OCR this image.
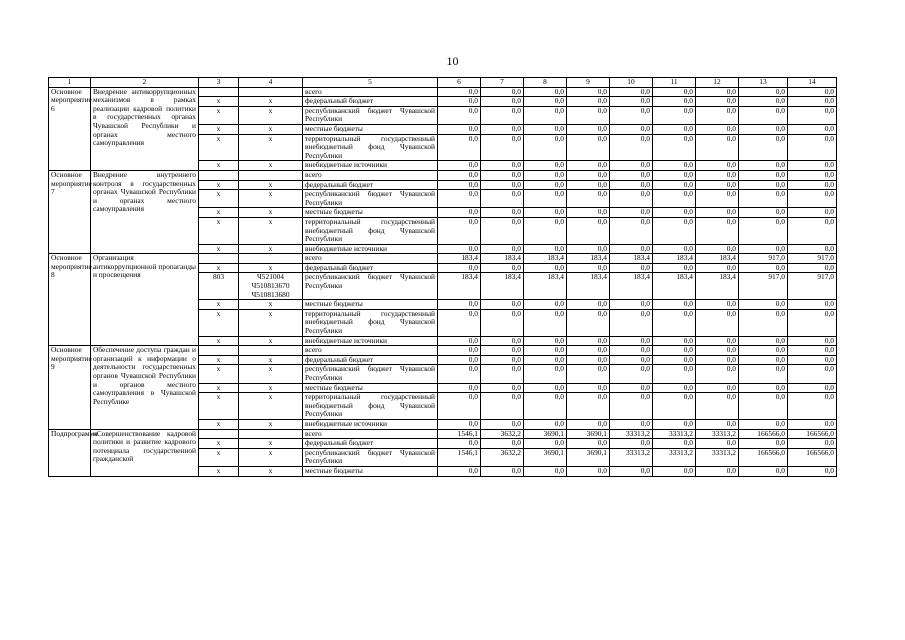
10
1	2	3	4	5	6	7	8	9	10	11	12	13	14
Основное мероприятие 6	Внедрение антикоррупционных механизмов в рамках реализации кадровой политики в государственных органах Чувашской Республики и органах местного самоуправления			всего	0,0	0,0	0,0	0,0	0,0	0,0	0,0	0,0	0,0
		х	х	федеральный бюджет	0,0	0,0	0,0	0,0	0,0	0,0	0,0	0,0	0,0
		х	х	республиканский бюджет Чувашской Республики	0,0	0,0	0,0	0,0	0,0	0,0	0,0	0,0	0,0
		х	х	местные бюджеты	0,0	0,0	0,0	0,0	0,0	0,0	0,0	0,0	0,0
		х	х	территориальный государственный внебюджетный фонд Чувашской Республики	0,0	0,0	0,0	0,0	0,0	0,0	0,0	0,0	0,0
		х	х	внебюджетные источники	0,0	0,0	0,0	0,0	0,0	0,0	0,0	0,0	0,0
Основное мероприятие 7	Внедрение внутреннего контроля в государственных органах Чувашской Республики и органах местного самоуправления			всего	0,0	0,0	0,0	0,0	0,0	0,0	0,0	0,0	0,0
		х	х	федеральный бюджет	0,0	0,0	0,0	0,0	0,0	0,0	0,0	0,0	0,0
		х	х	республиканский бюджет Чувашской Республики	0,0	0,0	0,0	0,0	0,0	0,0	0,0	0,0	0,0
		х	х	местные бюджеты	0,0	0,0	0,0	0,0	0,0	0,0	0,0	0,0	0,0
		х	х	территориальный государственный внебюджетный фонд Чувашской Республики	0,0	0,0	0,0	0,0	0,0	0,0	0,0	0,0	0,0
		х	х	внебюджетные источники	0,0	0,0	0,0	0,0	0,0	0,0	0,0	0,0	0,0
Основное мероприятие 8	Организация антикоррупционной пропаганды и просвещения			всего	183,4	183,4	183,4	183,4	183,4	183,4	183,4	917,0	917,0
		х	х	федеральный бюджет	0,0	0,0	0,0	0,0	0,0	0,0	0,0	0,0	0,0
		803	Ч521004
Ч510813670
Ч510813680	республиканский бюджет Чувашской Республики	183,4	183,4	183,4	183,4	183,4	183,4	183,4	917,0	917,0
		х	х	местные бюджеты	0,0	0,0	0,0	0,0	0,0	0,0	0,0	0,0	0,0
		х	х	территориальный государственный внебюджетный фонд Чувашской Республики	0,0	0,0	0,0	0,0	0,0	0,0	0,0	0,0	0,0
		х	х	внебюджетные источники	0,0	0,0	0,0	0,0	0,0	0,0	0,0	0,0	0,0
Основное мероприятие 9	Обеспечение доступа граждан и организаций к информации о деятельности государственных органов Чувашской Республики и органов местного самоуправления в Чувашской Республике			всего	0,0	0,0	0,0	0,0	0,0	0,0	0,0	0,0	0,0
		х	х	федеральный бюджет	0,0	0,0	0,0	0,0	0,0	0,0	0,0	0,0	0,0
		х	х	республиканский бюджет Чувашской Республики	0,0	0,0	0,0	0,0	0,0	0,0	0,0	0,0	0,0
		х	х	местные бюджеты	0,0	0,0	0,0	0,0	0,0	0,0	0,0	0,0	0,0
		х	х	территориальный государственный внебюджетный фонд Чувашской Республики	0,0	0,0	0,0	0,0	0,0	0,0	0,0	0,0	0,0
		х	х	внебюджетные источники	0,0	0,0	0,0	0,0	0,0	0,0	0,0	0,0	0,0
Подпрограмма	«Совершенствование кадровой политики и развитие кадрового потенциала государственной гражданской			всего	1546,1	3632,2	3690,1	3690,1	33313,2	33313,2	33313,2	166566,0	166566,0
		х	х	федеральный бюджет	0,0	0,0	0,0	0,0	0,0	0,0	0,0	0,0	0,0
		х	х	республиканский бюджет Чувашской Республики	1546,1	3632,2	3690,1	3690,1	33313,2	33313,2	33313,2	166566,0	166566,0
		х	х	местные бюджеты	0,0	0,0	0,0	0,0	0,0	0,0	0,0	0,0	0,0
